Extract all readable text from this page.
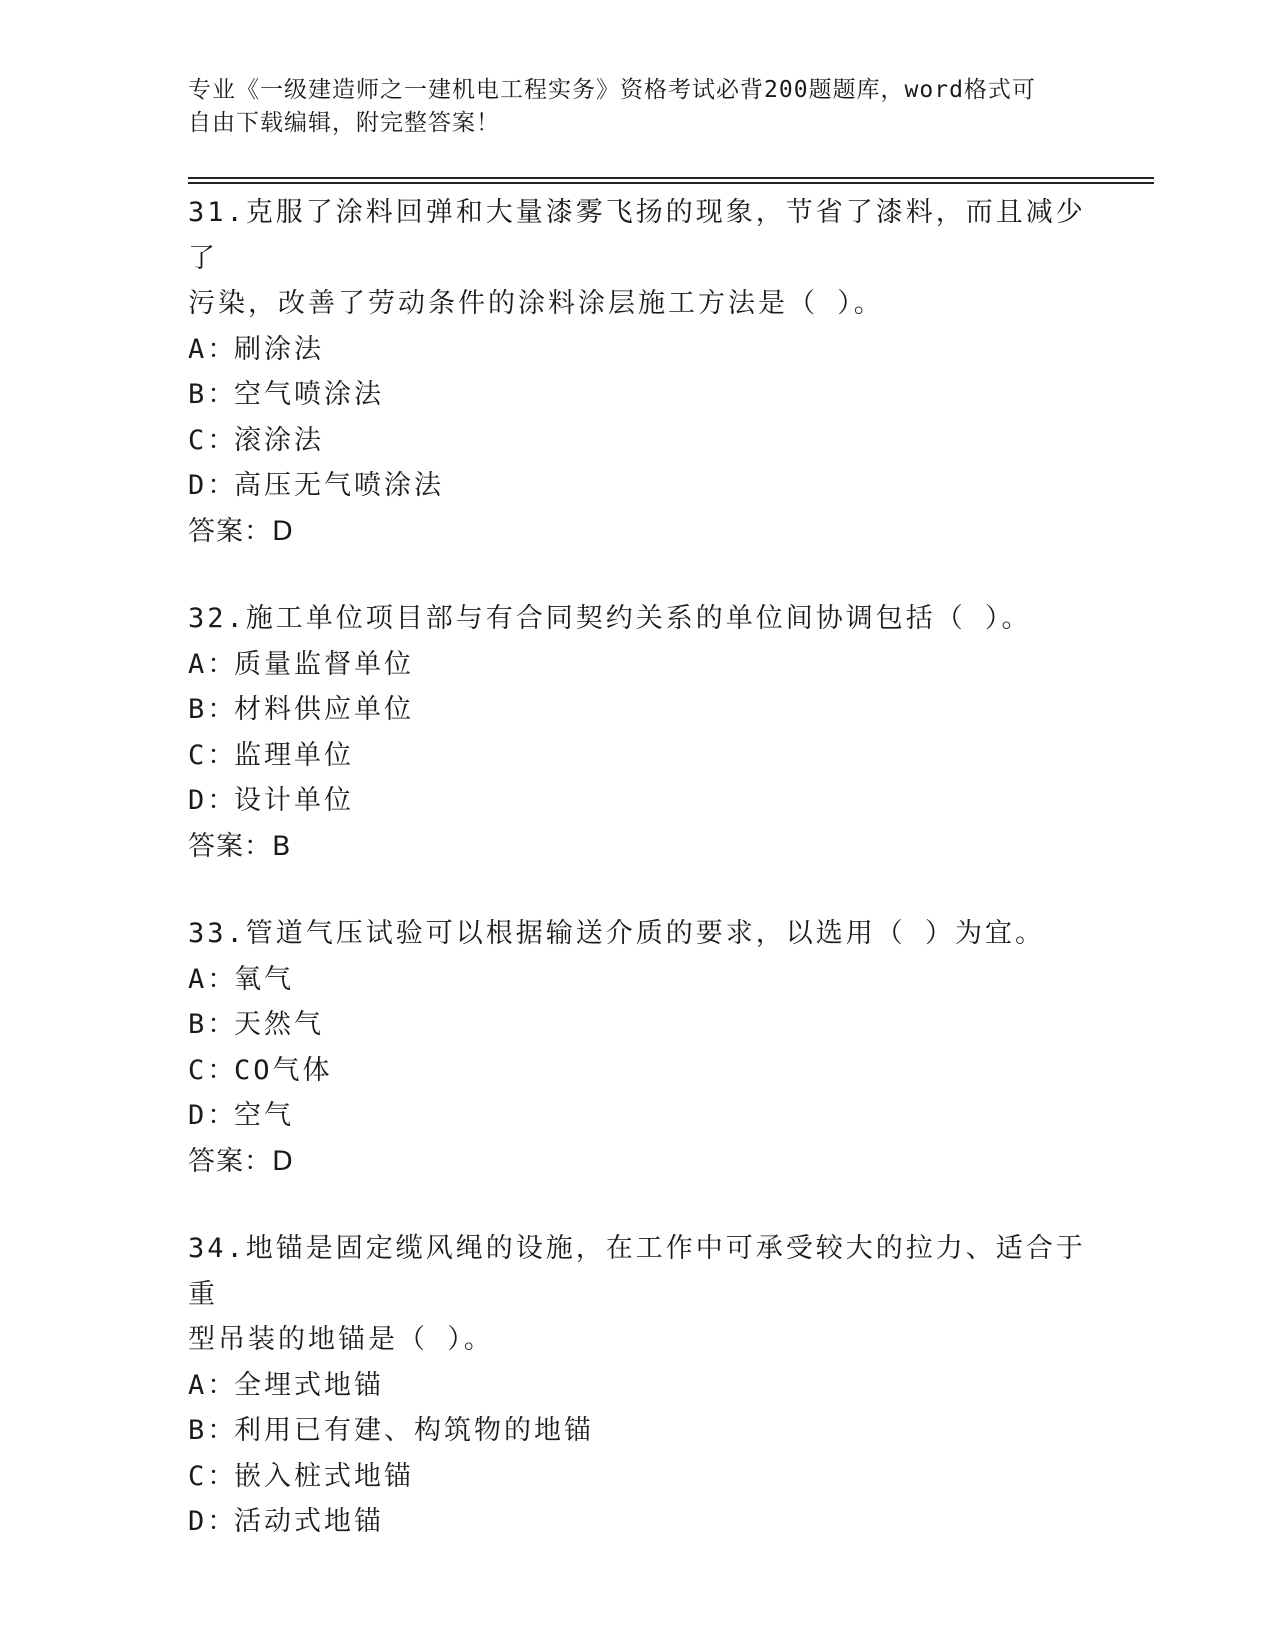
专业《一级建造师之一建机电工程实务》资格考试必背200题题库，word格式可
自由下载编辑，附完整答案！
31.克服了涂料回弹和大量漆雾飞扬的现象，节省了漆料，而且减少了
污染，改善了劳动条件的涂料涂层施工方法是（ ）。
A：刷涂法
B：空气喷涂法
C：滚涂法
D：高压无气喷涂法
答案：D
32.施工单位项目部与有合同契约关系的单位间协调包括（ ）。
A：质量监督单位
B：材料供应单位
C：监理单位
D：设计单位
答案：B
33.管道气压试验可以根据输送介质的要求，以选用（ ）为宜。
A：氧气
B：天然气
C：CO气体
D：空气
答案：D
34.地锚是固定缆风绳的设施，在工作中可承受较大的拉力、适合于重
型吊装的地锚是（ ）。
A：全埋式地锚
B：利用已有建、构筑物的地锚
C：嵌入桩式地锚
D：活动式地锚
